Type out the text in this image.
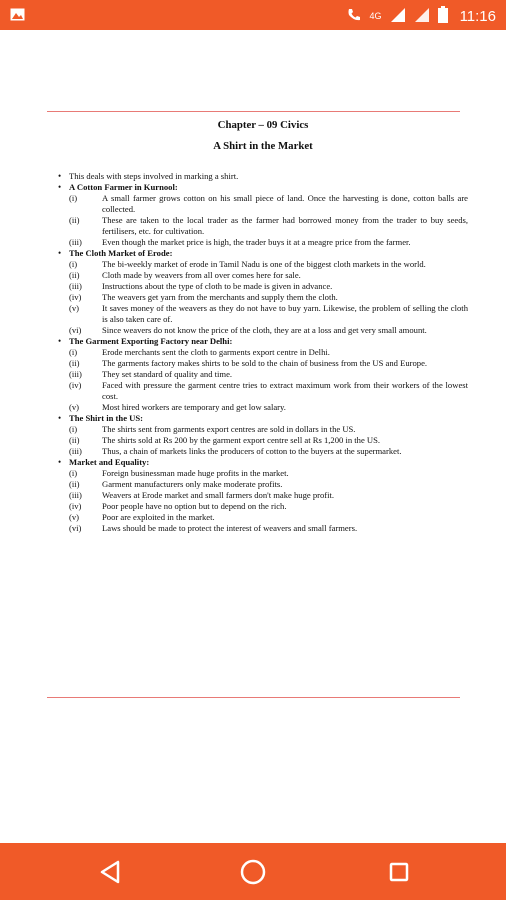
4G	11:16

Chapter – 09 Civics

A Shirt in the Market

• This deals with steps involved in marking a shirt.
• A Cotton Farmer in Kurnool:
(i)	A small farmer grows cotton on his small piece of land. Once the harvesting is done, cotton balls are collected.
(ii)	These are taken to the local trader as the farmer had borrowed money from the trader to buy seeds, fertilisers, etc. for cultivation.
(iii)	Even though the market price is high, the trader buys it at a meagre price from the farmer.
• The Cloth Market of Erode:
(i)	The bi-weekly market of erode in Tamil Nadu is one of the biggest cloth markets in the world.
(ii)	Cloth made by weavers from all over comes here for sale.
(iii)	Instructions about the type of cloth to be made is given in advance.
(iv)	The weavers get yarn from the merchants and supply them the cloth.
(v)	It saves money of the weavers as they do not have to buy yarn. Likewise, the problem of selling the cloth is also taken care of.
(vi)	Since weavers do not know the price of the cloth, they are at a loss and get very small amount.
• The Garment Exporting Factory near Delhi:
(i)	Erode merchants sent the cloth to garments export centre in Delhi.
(ii)	The garments factory makes shirts to be sold to the chain of business from the US and Europe.
(iii)	They set standard of quality and time.
(iv)	Faced with pressure the garment centre tries to extract maximum work from their workers of the lowest cost.
(v)	Most hired workers are temporary and get low salary.
• The Shirt in the US:
(i)	The shirts sent from garments export centres are sold in dollars in the US.
(ii)	The shirts sold at Rs 200 by the garment export centre sell at Rs 1,200 in the US.
(iii)	Thus, a chain of markets links the producers of cotton to the buyers at the supermarket.
• Market and Equality:
(i)	Foreign businessman made huge profits in the market.
(ii)	Garment manufacturers only make moderate profits.
(iii)	Weavers at Erode market and small farmers don't make huge profit.
(iv)	Poor people have no option but to depend on the rich.
(v)	Poor are exploited in the market.
(vi)	Laws should be made to protect the interest of weavers and small farmers.
